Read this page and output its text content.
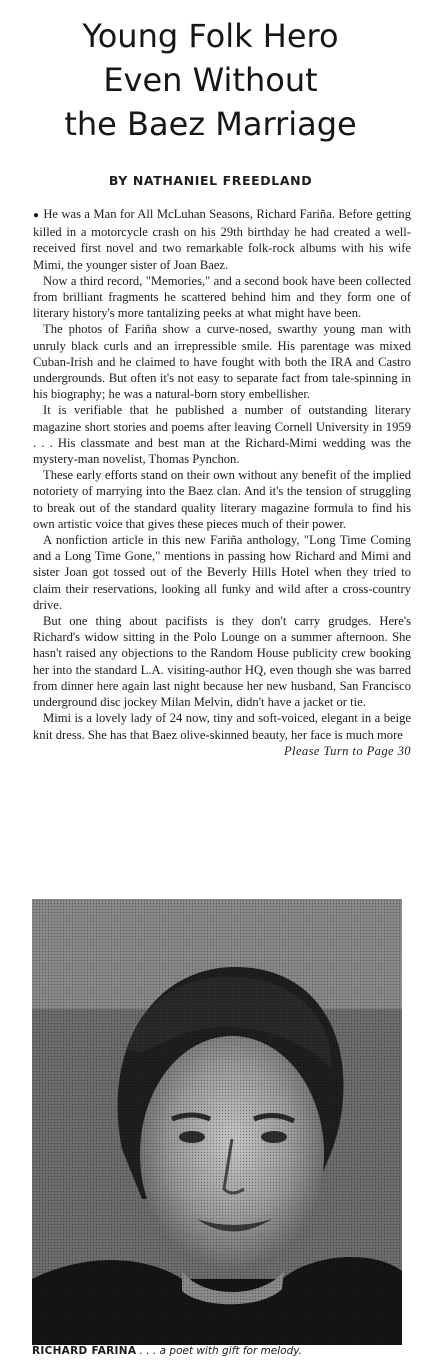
Young Folk Hero
Even Without
the Baez Marriage
BY NATHANIEL FREEDLAND

● He was a Man for All McLuhan Seasons, Richard Fariña. Before getting killed in a motorcycle crash on his 29th birthday he had created a well-received first novel and two remarkable folk-rock albums with his wife Mimi, the younger sister of Joan Baez.

Now a third record, "Memories," and a second book have been collected from brilliant fragments he scattered behind him and they form one of literary history's more tantalizing peeks at what might have been.

The photos of Fariña show a curve-nosed, swarthy young man with unruly black curls and an irrepressible smile. His parentage was mixed Cuban-Irish and he claimed to have fought with both the IRA and Castro undergrounds. But often it's not easy to separate fact from tale-spinning in his biography; he was a natural-born story embellisher.

It is verifiable that he published a number of outstanding literary magazine short stories and poems after leaving Cornell University in 1959 . . . His classmate and best man at the Richard-Mimi wedding was the mystery-man novelist, Thomas Pynchon.

These early efforts stand on their own without any benefit of the implied notoriety of marrying into the Baez clan. And it's the tension of struggling to break out of the standard quality literary magazine formula to find his own artistic voice that gives these pieces much of their power.

A nonfiction article in this new Fariña anthology, "Long Time Coming and a Long Time Gone," mentions in passing how Richard and Mimi and sister Joan got tossed out of the Beverly Hills Hotel when they tried to claim their reservations, looking all funky and wild after a cross-country drive.

But one thing about pacifists is they don't carry grudges. Here's Richard's widow sitting in the Polo Lounge on a summer afternoon. She hasn't raised any objections to the Random House publicity crew booking her into the standard L.A. visiting-author HQ, even though she was barred from dinner here again last night because her new husband, San Francisco underground disc jockey Milan Melvin, didn't have a jacket or tie.

Mimi is a lovely lady of 24 now, tiny and soft-voiced, elegant in a beige knit dress. She has that Baez olive-skinned beauty, her face is much more

Please Turn to Page 30
RICHARD FARINA . . . a poet with gift for melody.
